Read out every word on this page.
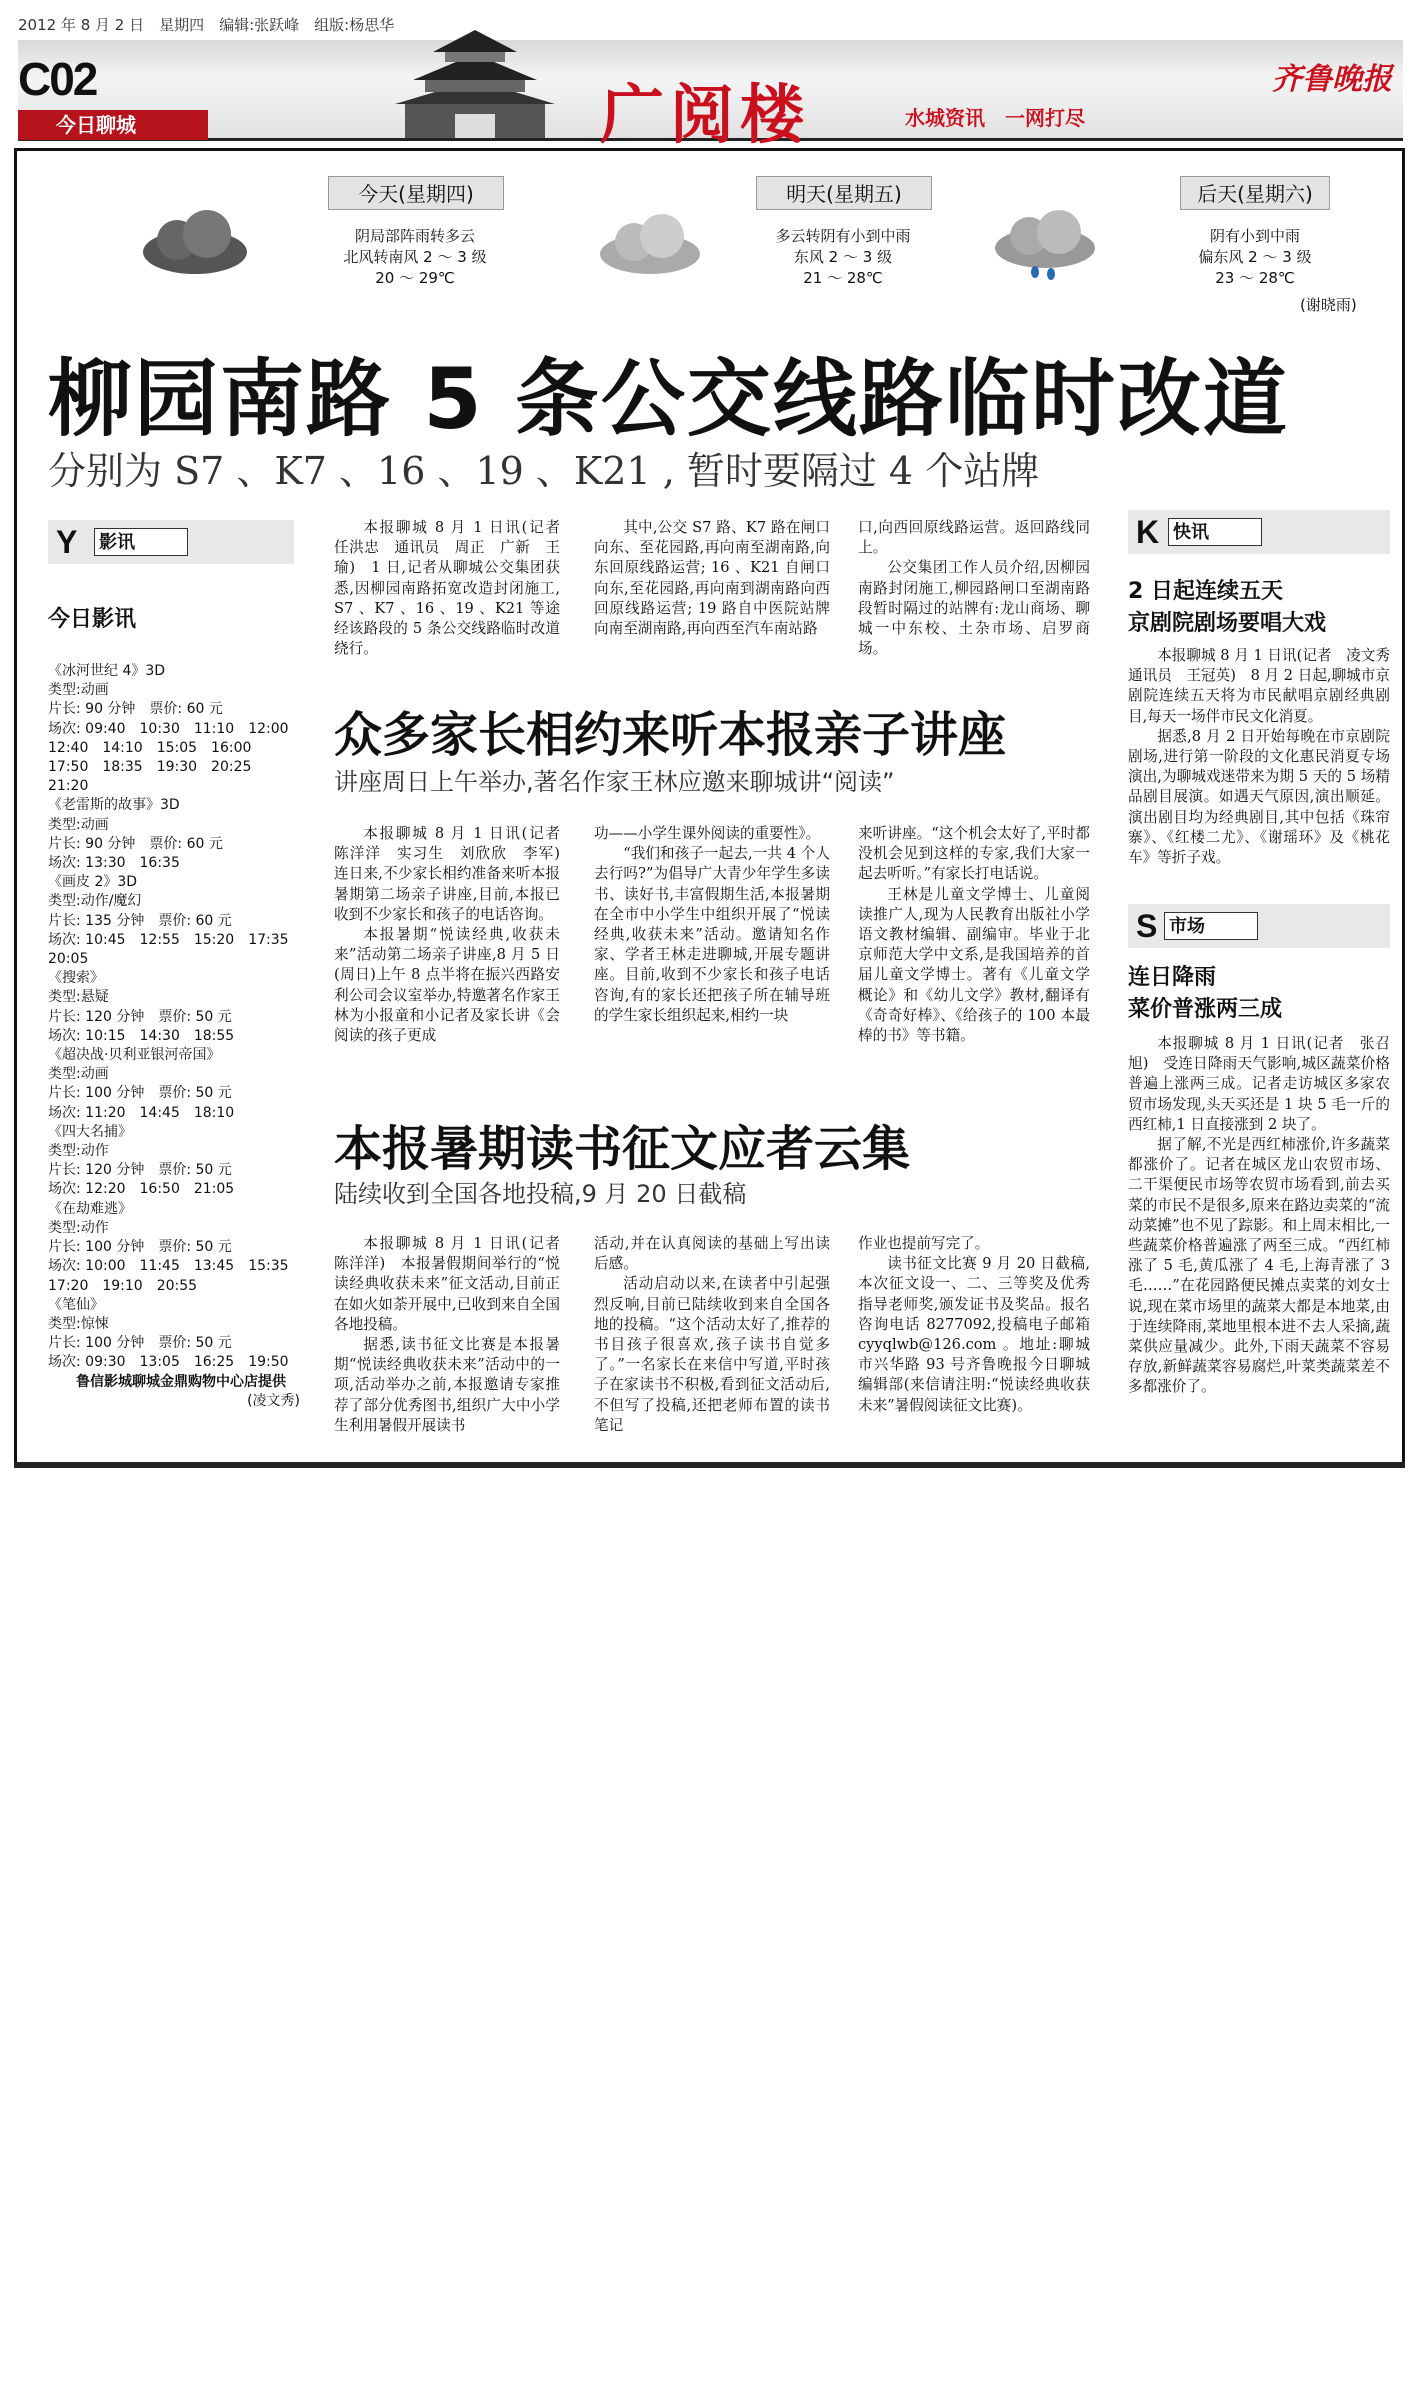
2012 年 8 月 2 日　星期四　编辑:张跃峰　组版:杨思华
C02
今日聊城	广阅楼	水城资讯　一网打尽
齐鲁晚报
今天(星期四)
阴局部阵雨转多云
北风转南风 2 ～ 3 级
20 ～ 29℃
明天(星期五)
多云转阴有小到中雨
东风 2 ～ 3 级
21 ～ 28℃
后天(星期六)
阴有小到中雨
偏东风 2 ～ 3 级
23 ～ 28℃
(谢晓雨)
柳园南路 5 条公交线路临时改道
分别为 S7 、K7 、16 、19 、K21 , 暂时要隔过 4 个站牌

本报聊城 8 月 1 日讯(记者　任洪忠　通讯员　周正　广新　王瑜)　1 日,记者从聊城公交集团获悉,因柳园南路拓宽改造封闭施工, S7 、K7 、16 、19 、K21 等途经该路段的 5 条公交线路临时改道绕行。

其中,公交 S7 路、K7 路在闸口向东、至花园路,再向南至湖南路,向东回原线路运营; 16 、K21 自闸口向东,至花园路,再向南到湖南路向西回原线路运营; 19 路自中医院站牌向南至湖南路,再向西至汽车南站路

口,向西回原线路运营。返回路线同上。

公交集团工作人员介绍,因柳园南路封闭施工,柳园路闸口至湖南路段暂时隔过的站牌有:龙山商场、聊城一中东校、土杂市场、启罗商场。

众多家长相约来听本报亲子讲座
讲座周日上午举办,著名作家王林应邀来聊城讲“阅读”

本报聊城 8 月 1 日讯(记者　陈洋洋　实习生　刘欣欣　李军)　连日来,不少家长相约准备来听本报暑期第二场亲子讲座,目前,本报已收到不少家长和孩子的电话咨询。

本报暑期“悦读经典,收获未来”活动第二场亲子讲座,8 月 5 日(周日)上午 8 点半将在振兴西路安利公司会议室举办,特邀著名作家王林为小报童和小记者及家长讲《会阅读的孩子更成

功——小学生课外阅读的重要性》。

“我们和孩子一起去,一共 4 个人去行吗?”为倡导广大青少年学生多读书、读好书,丰富假期生活,本报暑期在全市中小学生中组织开展了“悦读经典,收获未来”活动。邀请知名作家、学者王林走进聊城,开展专题讲座。目前,收到不少家长和孩子电话咨询,有的家长还把孩子所在辅导班的学生家长组织起来,相约一块

来听讲座。“这个机会太好了,平时都没机会见到这样的专家,我们大家一起去听听。”有家长打电话说。

王林是儿童文学博士、儿童阅读推广人,现为人民教育出版社小学语文教材编辑、副编审。毕业于北京师范大学中文系,是我国培养的首届儿童文学博士。著有《儿童文学概论》和《幼儿文学》教材,翻译有《奇奇好棒》、《给孩子的 100 本最棒的书》等书籍。

本报暑期读书征文应者云集
陆续收到全国各地投稿,9 月 20 日截稿

本报聊城 8 月 1 日讯(记者　陈洋洋)　本报暑假期间举行的“悦读经典收获未来”征文活动,目前正在如火如荼开展中,已收到来自全国各地投稿。

据悉,读书征文比赛是本报暑期“悦读经典收获未来”活动中的一项,活动举办之前,本报邀请专家推荐了部分优秀图书,组织广大中小学生利用暑假开展读书

活动,并在认真阅读的基础上写出读后感。

活动启动以来,在读者中引起强烈反响,目前已陆续收到来自全国各地的投稿。“这个活动太好了,推荐的书目孩子很喜欢,孩子读书自觉多了。”一名家长在来信中写道,平时孩子在家读书不积极,看到征文活动后,不但写了投稿,还把老师布置的读书笔记

作业也提前写完了。

读书征文比赛 9 月 20 日截稿,本次征文设一、二、三等奖及优秀指导老师奖,颁发证书及奖品。报名咨询电话 8277092,投稿电子邮箱 cyyqlwb@126.com 。地址:聊城市兴华路 93 号齐鲁晚报今日聊城编辑部(来信请注明:“悦读经典收获未来”暑假阅读征文比赛)。

Y 影讯
今日影讯
《冰河世纪 4》3D
类型:动画
片长: 90 分钟　票价: 60 元
场次: 09:40　10:30　11:10　12:00　12:40　14:10　15:05　16:00　17:50　18:35　19:30　20:25　21:20
《老雷斯的故事》3D
类型:动画
片长: 90 分钟　票价: 60 元
场次: 13:30　16:35
《画皮 2》3D
类型:动作/魔幻
片长: 135 分钟　票价: 60 元
场次: 10:45　12:55　15:20　17:35　20:05
《搜索》
类型:悬疑
片长: 120 分钟　票价: 50 元
场次: 10:15　14:30　18:55
《超决战·贝利亚银河帝国》
类型:动画
片长: 100 分钟　票价: 50 元
场次: 11:20　14:45　18:10
《四大名捕》
类型:动作
片长: 120 分钟　票价: 50 元
场次: 12:20　16:50　21:05
《在劫难逃》
类型:动作
片长: 100 分钟　票价: 50 元
场次: 10:00　11:45　13:45　15:35　17:20　19:10　20:55
《笔仙》
类型:惊悚
片长: 100 分钟　票价: 50 元
场次: 09:30　13:05　16:25　19:50
鲁信影城聊城金鼎购物中心店提供
(凌文秀)
K 快讯
2 日起连续五天
京剧院剧场要唱大戏

本报聊城 8 月 1 日讯(记者　凌文秀　通讯员　王冠英)　8 月 2 日起,聊城市京剧院连续五天将为市民献唱京剧经典剧目,每天一场伴市民文化消夏。

据悉,8 月 2 日开始每晚在市京剧院剧场,进行第一阶段的文化惠民消夏专场演出,为聊城戏迷带来为期 5 天的 5 场精品剧目展演。如遇天气原因,演出顺延。演出剧目均为经典剧目,其中包括《珠帘寨》、《红楼二尤》、《谢瑶环》及《桃花车》等折子戏。

S 市场
连日降雨
菜价普涨两三成

本报聊城 8 月 1 日讯(记者　张召旭)　受连日降雨天气影响,城区蔬菜价格普遍上涨两三成。记者走访城区多家农贸市场发现,头天买还是 1 块 5 毛一斤的西红柿,1 日直接涨到 2 块了。

据了解,不光是西红柿涨价,许多蔬菜都涨价了。记者在城区龙山农贸市场、二干渠便民市场等农贸市场看到,前去买菜的市民不是很多,原来在路边卖菜的“流动菜摊”也不见了踪影。和上周末相比,一些蔬菜价格普遍涨了两至三成。“西红柿涨了 5 毛,黄瓜涨了 4 毛,上海青涨了 3 毛……”在花园路便民摊点卖菜的刘女士说,现在菜市场里的蔬菜大都是本地菜,由于连续降雨,菜地里根本进不去人采摘,蔬菜供应量减少。此外,下雨天蔬菜不容易存放,新鲜蔬菜容易腐烂,叶菜类蔬菜差不多都涨价了。
